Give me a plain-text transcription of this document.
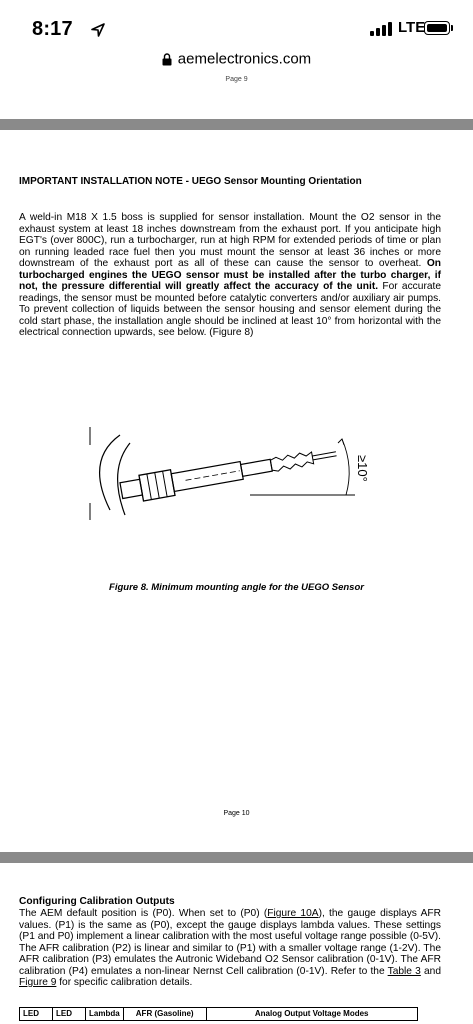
8:17	LTE
aemelectronics.com
Page 9
IMPORTANT INSTALLATION NOTE - UEGO Sensor Mounting Orientation
A weld-in M18 X 1.5 boss is supplied for sensor installation. Mount the O2 sensor in the exhaust system at least 18 inches downstream from the exhaust port. If you anticipate high EGT's (over 800C), run a turbocharger, run at high RPM for extended periods of time or plan on running leaded race fuel then you must mount the sensor at least 36 inches or more downstream of the exhaust port as all of these can cause the sensor to overheat. On turbocharged engines the UEGO sensor must be installed after the turbo charger, if not, the pressure differential will greatly affect the accuracy of the unit. For accurate readings, the sensor must be mounted before catalytic converters and/or auxiliary air pumps. To prevent collection of liquids between the sensor housing and sensor element during the cold start phase, the installation angle should be inclined at least 10° from horizontal with the electrical connection upwards, see below. (Figure 8)
≥10°
Figure 8. Minimum mounting angle for the UEGO Sensor
Page 10
Configuring Calibration Outputs
The AEM default position is (P0). When set to (P0) (Figure 10A), the gauge displays AFR values. (P1) is the same as (P0), except the gauge displays lambda values. These settings (P1 and P0) implement a linear calibration with the most useful voltage range possible (0-5V). The AFR calibration (P2) is linear and similar to (P1) with a smaller voltage range (1-2V). The AFR calibration (P3) emulates the Autronic Wideband O2 Sensor calibration (0-1V). The AFR calibration (P4) emulates a non-linear Nernst Cell calibration (0-1V). Refer to the Table 3 and Figure 9 for specific calibration details.
LED	LED	Lambda	AFR (Gasoline)	Analog Output Voltage Modes
